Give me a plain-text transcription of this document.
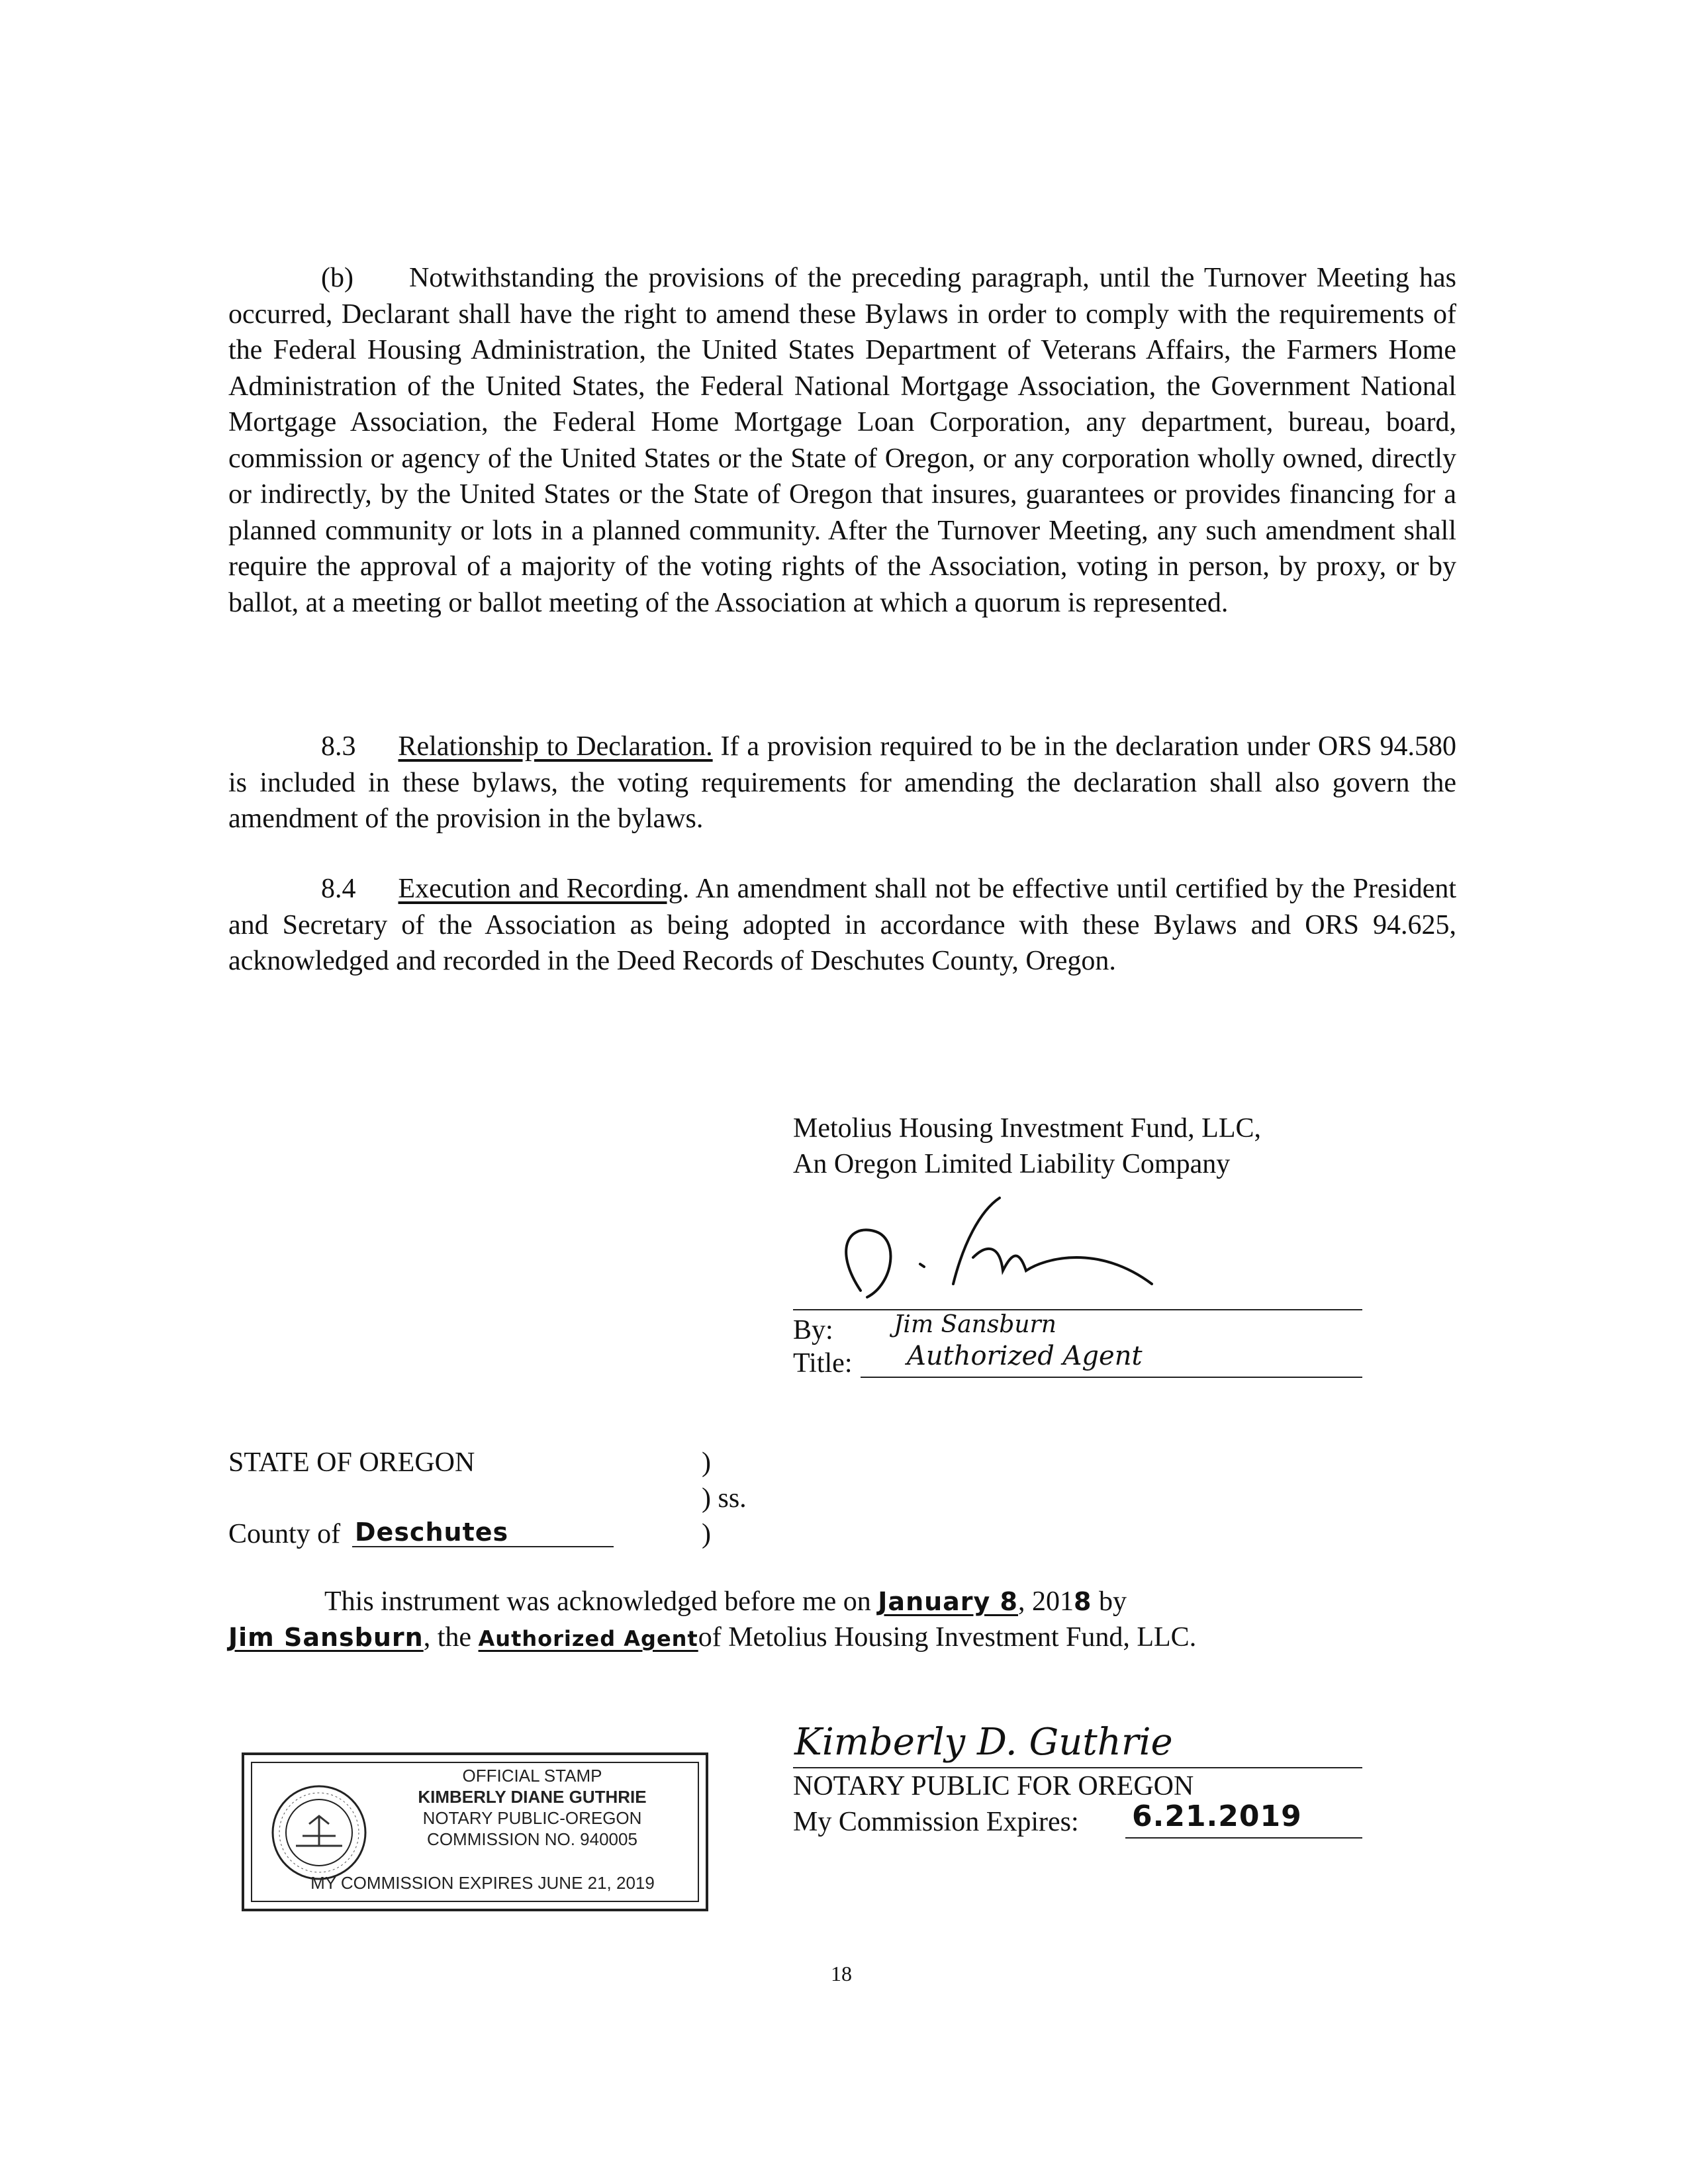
(b)  Notwithstanding the provisions of the preceding paragraph, until the Turnover Meeting has occurred, Declarant shall have the right to amend these Bylaws in order to comply with the requirements of the Federal Housing Administration, the United States Department of Veterans Affairs, the Farmers Home Administration of the United States, the Federal National Mortgage Association, the Government National Mortgage Association, the Federal Home Mortgage Loan Corporation, any department, bureau, board, commission or agency of the United States or the State of Oregon, or any corporation wholly owned, directly or indirectly, by the United States or the State of Oregon that insures, guarantees or provides financing for a planned community or lots in a planned community. After the Turnover Meeting, any such amendment shall require the approval of a majority of the voting rights of the Association, voting in person, by proxy, or by ballot, at a meeting or ballot meeting of the Association at which a quorum is represented.
8.3 Relationship to Declaration. If a provision required to be in the declaration under ORS 94.580 is included in these bylaws, the voting requirements for amending the declaration shall also govern the amendment of the provision in the bylaws.
8.4 Execution and Recording. An amendment shall not be effective until certified by the President and Secretary of the Association as being adopted in accordance with these Bylaws and ORS 94.625, acknowledged and recorded in the Deed Records of Deschutes County, Oregon.
Metolius Housing Investment Fund, LLC,
An Oregon Limited Liability Company
By:	Jim Sansburn
Title: Authorized Agent
STATE OF OREGON	)
) ss.
)
County of Deschutes
This instrument was acknowledged before me on January 8, 2018 by
Jim Sansburn, the Authorized Agentof Metolius Housing Investment Fund, LLC.
OFFICIAL STAMP
KIMBERLY DIANE GUTHRIE
NOTARY PUBLIC-OREGON
COMMISSION NO. 940005
MY COMMISSION EXPIRES JUNE 21, 2019
Kimberly D. Guthrie
NOTARY PUBLIC FOR OREGON
My Commission Expires: 6.21.2019
18
